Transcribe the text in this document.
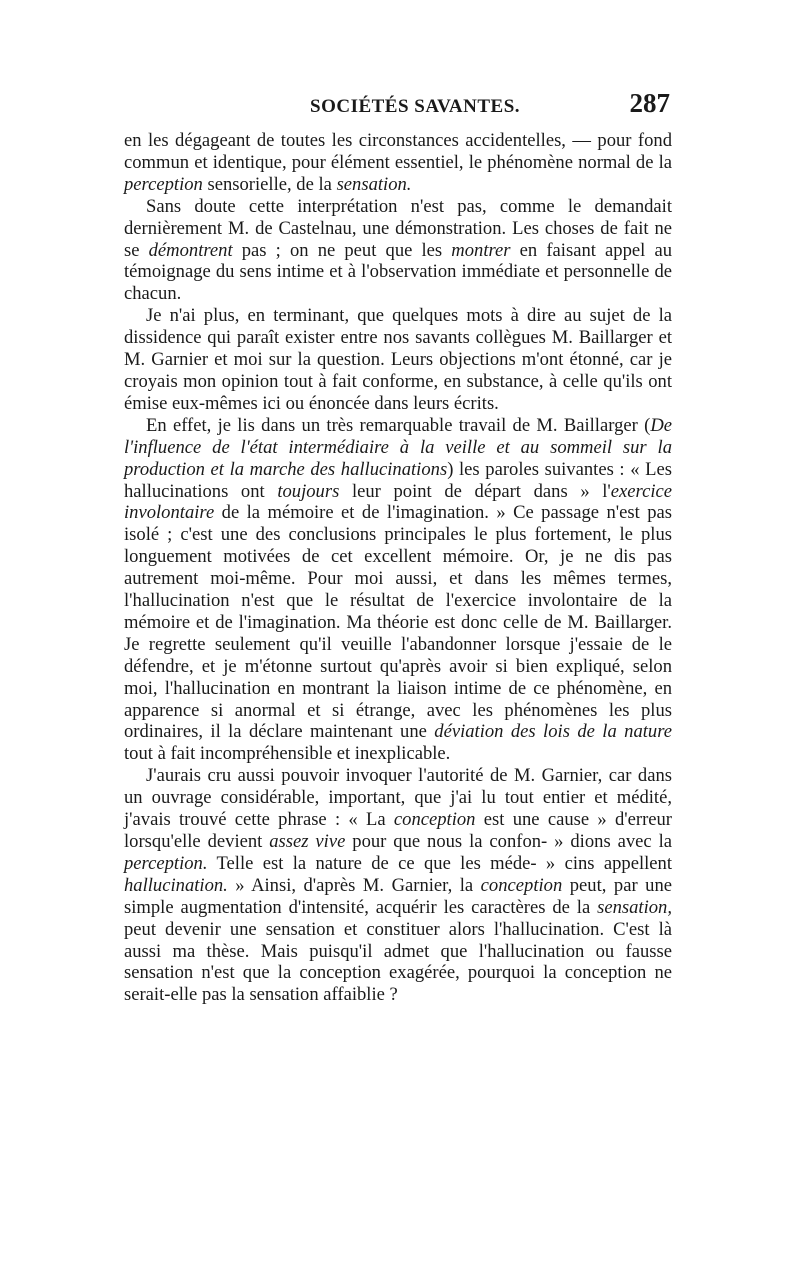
SOCIÉTÉS SAVANTES.	287

en les dégageant de toutes les circonstances accidentelles, — pour fond commun et identique, pour élément essentiel, le phénomène normal de la perception sensorielle, de la sensation.

Sans doute cette interprétation n'est pas, comme le demandait dernièrement M. de Castelnau, une démonstration. Les choses de fait ne se démontrent pas ; on ne peut que les montrer en faisant appel au témoignage du sens intime et à l'observation immédiate et personnelle de chacun.

Je n'ai plus, en terminant, que quelques mots à dire au sujet de la dissidence qui paraît exister entre nos savants collègues M. Baillarger et M. Garnier et moi sur la question. Leurs objections m'ont étonné, car je croyais mon opinion tout à fait conforme, en substance, à celle qu'ils ont émise eux-mêmes ici ou énoncée dans leurs écrits.

En effet, je lis dans un très remarquable travail de M. Baillarger (De l'influence de l'état intermédiaire à la veille et au sommeil sur la production et la marche des hallucinations) les paroles suivantes : « Les hallucinations ont toujours leur point de départ dans » l'exercice involontaire de la mémoire et de l'imagination. » Ce passage n'est pas isolé ; c'est une des conclusions principales le plus fortement, le plus longuement motivées de cet excellent mémoire. Or, je ne dis pas autrement moi-même. Pour moi aussi, et dans les mêmes termes, l'hallucination n'est que le résultat de l'exercice involontaire de la mémoire et de l'imagination. Ma théorie est donc celle de M. Baillarger. Je regrette seulement qu'il veuille l'abandonner lorsque j'essaie de le défendre, et je m'étonne surtout qu'après avoir si bien expliqué, selon moi, l'hallucination en montrant la liaison intime de ce phénomène, en apparence si anormal et si étrange, avec les phénomènes les plus ordinaires, il la déclare maintenant une déviation des lois de la nature tout à fait incompréhensible et inexplicable.

J'aurais cru aussi pouvoir invoquer l'autorité de M. Garnier, car dans un ouvrage considérable, important, que j'ai lu tout entier et médité, j'avais trouvé cette phrase : « La conception est une cause » d'erreur lorsqu'elle devient assez vive pour que nous la confon- » dions avec la perception. Telle est la nature de ce que les méde- » cins appellent hallucination. » Ainsi, d'après M. Garnier, la conception peut, par une simple augmentation d'intensité, acquérir les caractères de la sensation, peut devenir une sensation et constituer alors l'hallucination. C'est là aussi ma thèse. Mais puisqu'il admet que l'hallucination ou fausse sensation n'est que la conception exagérée, pourquoi la conception ne serait-elle pas la sensation affaiblie ?
